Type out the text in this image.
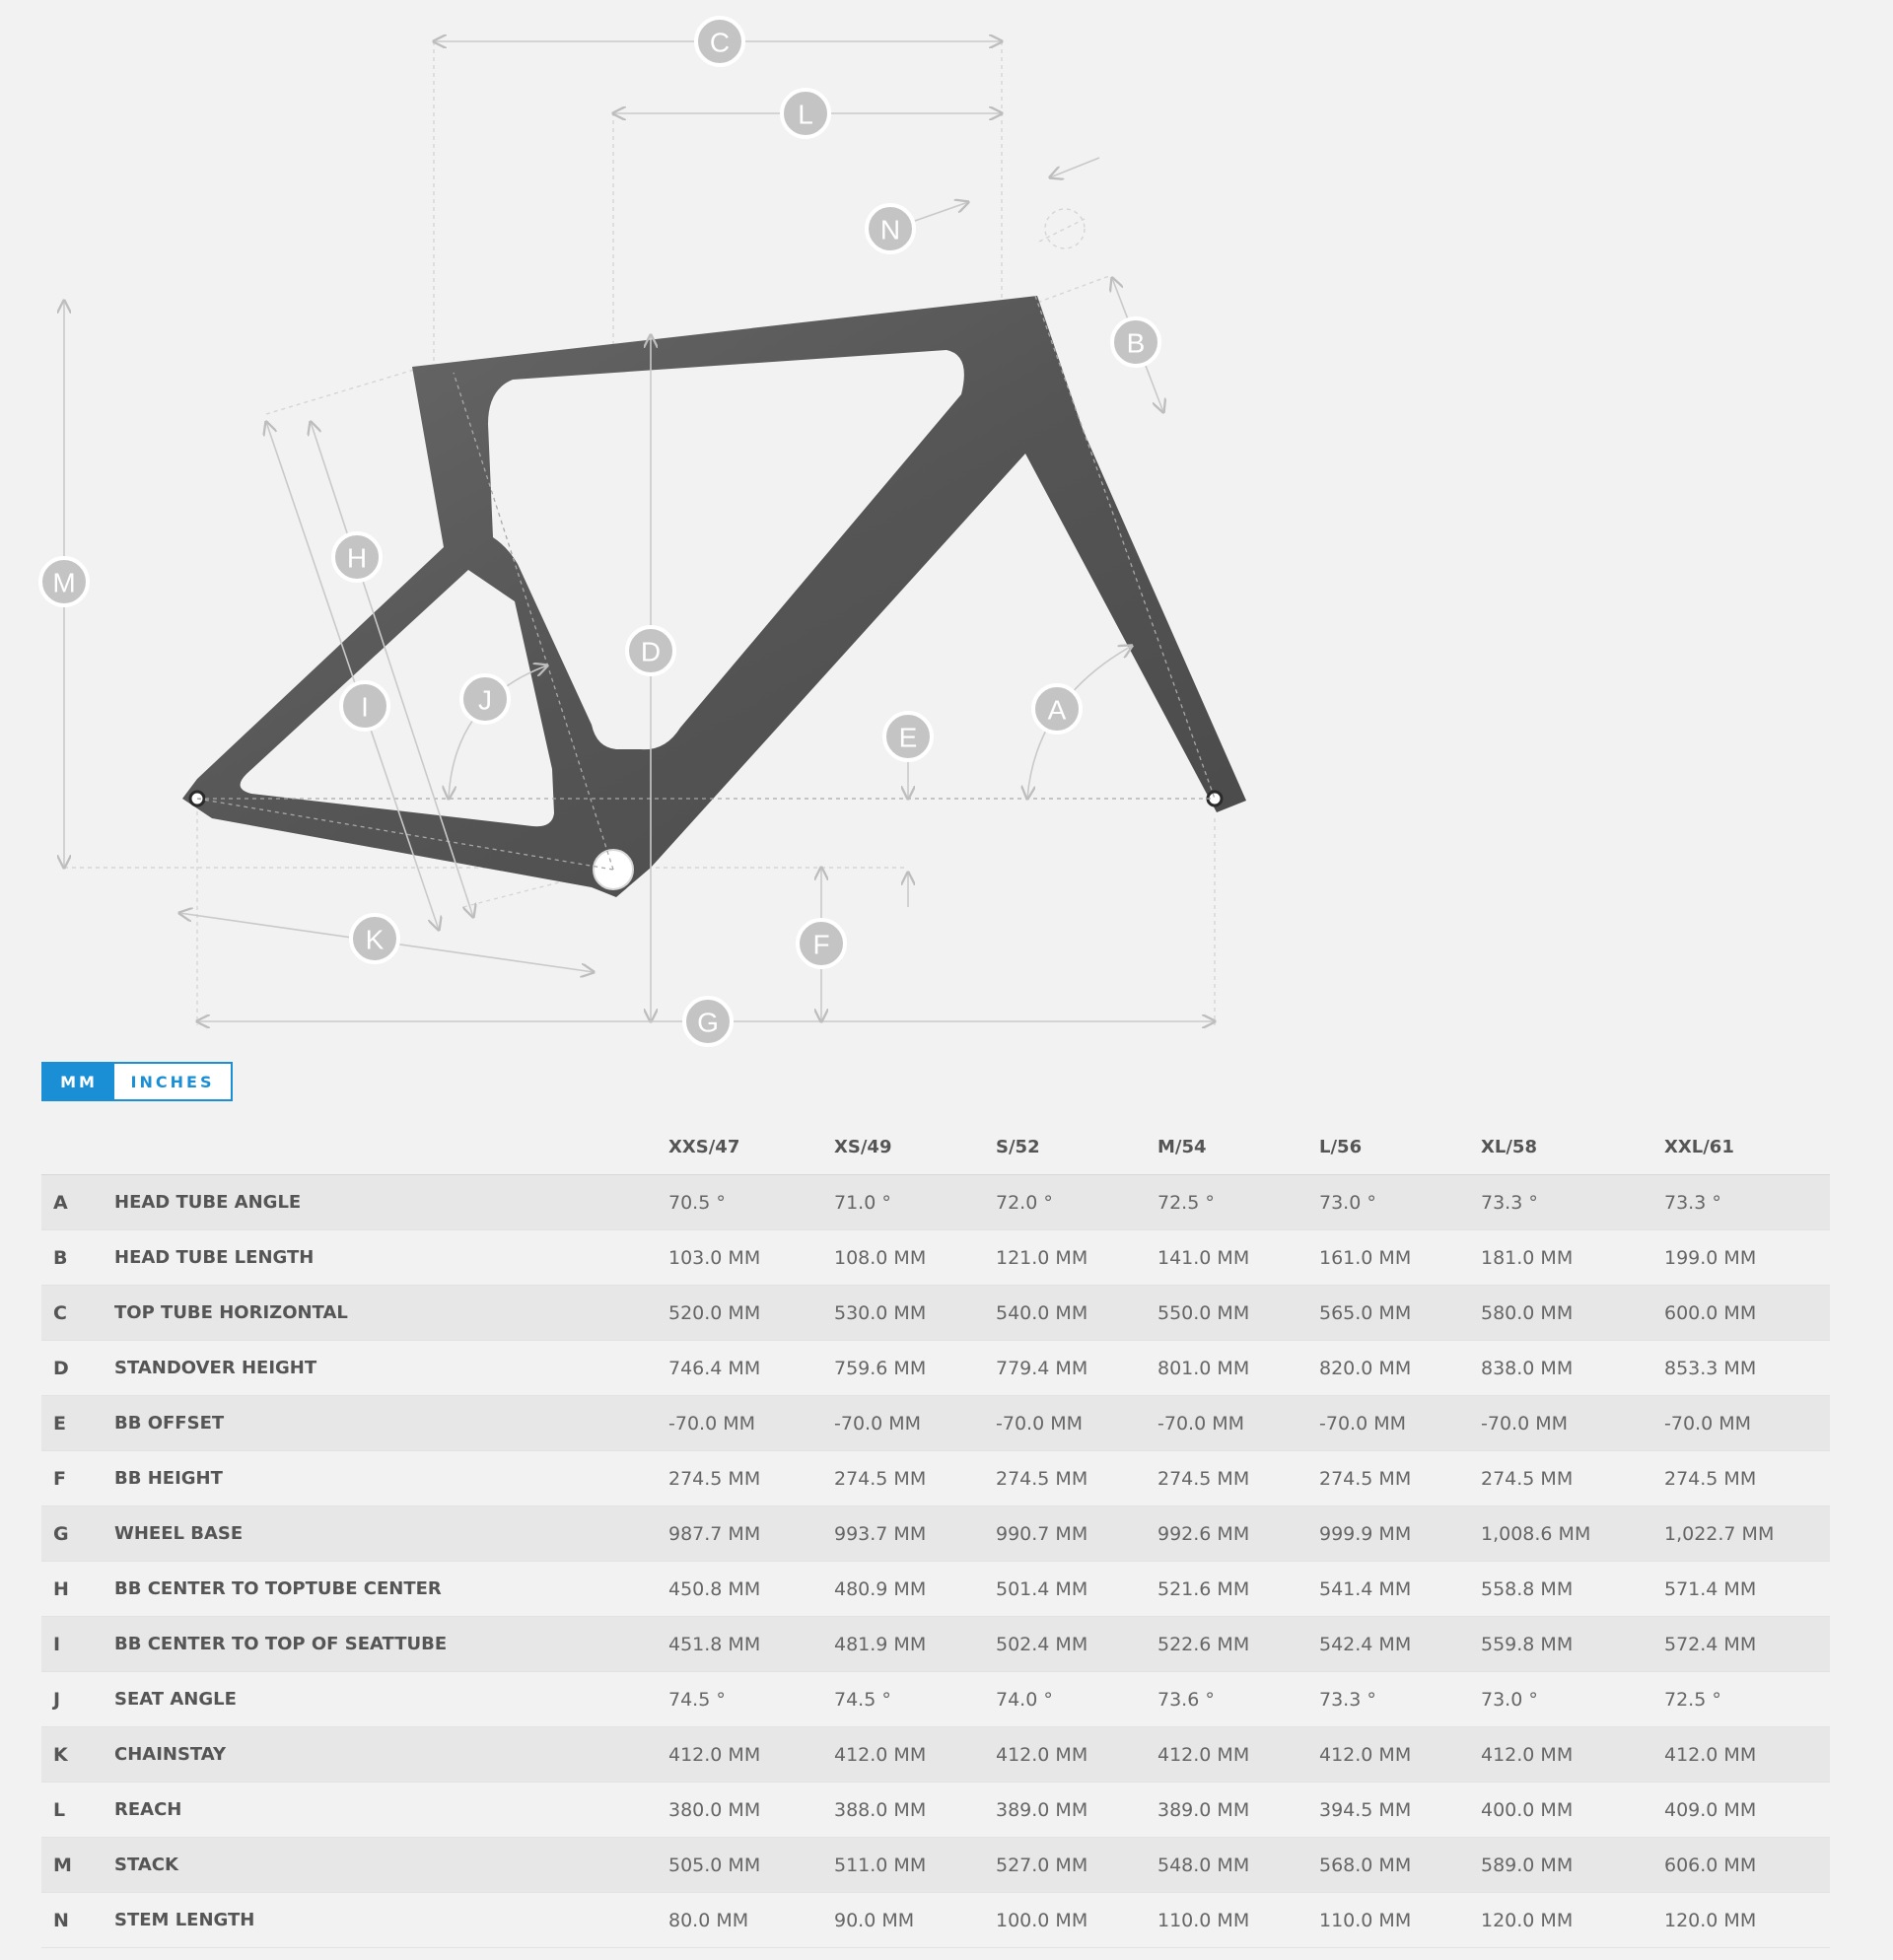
C
L
N
B
M
H
D
J
I	A
E
K	F
G
MM	INCHES
		XXS/47	XS/49	S/52	M/54	L/56	XL/58	XXL/61
A	HEAD TUBE ANGLE	70.5 °	71.0 °	72.0 °	72.5 °	73.0 °	73.3 °	73.3 °
B	HEAD TUBE LENGTH	103.0 MM	108.0 MM	121.0 MM	141.0 MM	161.0 MM	181.0 MM	199.0 MM
C	TOP TUBE HORIZONTAL	520.0 MM	530.0 MM	540.0 MM	550.0 MM	565.0 MM	580.0 MM	600.0 MM
D	STANDOVER HEIGHT	746.4 MM	759.6 MM	779.4 MM	801.0 MM	820.0 MM	838.0 MM	853.3 MM
E	BB OFFSET	-70.0 MM	-70.0 MM	-70.0 MM	-70.0 MM	-70.0 MM	-70.0 MM	-70.0 MM
F	BB HEIGHT	274.5 MM	274.5 MM	274.5 MM	274.5 MM	274.5 MM	274.5 MM	274.5 MM
G	WHEEL BASE	987.7 MM	993.7 MM	990.7 MM	992.6 MM	999.9 MM	1,008.6 MM	1,022.7 MM
H	BB CENTER TO TOPTUBE CENTER	450.8 MM	480.9 MM	501.4 MM	521.6 MM	541.4 MM	558.8 MM	571.4 MM
I	BB CENTER TO TOP OF SEATTUBE	451.8 MM	481.9 MM	502.4 MM	522.6 MM	542.4 MM	559.8 MM	572.4 MM
J	SEAT ANGLE	74.5 °	74.5 °	74.0 °	73.6 °	73.3 °	73.0 °	72.5 °
K	CHAINSTAY	412.0 MM	412.0 MM	412.0 MM	412.0 MM	412.0 MM	412.0 MM	412.0 MM
L	REACH	380.0 MM	388.0 MM	389.0 MM	389.0 MM	394.5 MM	400.0 MM	409.0 MM
M	STACK	505.0 MM	511.0 MM	527.0 MM	548.0 MM	568.0 MM	589.0 MM	606.0 MM
N	STEM LENGTH	80.0 MM	90.0 MM	100.0 MM	110.0 MM	110.0 MM	120.0 MM	120.0 MM
